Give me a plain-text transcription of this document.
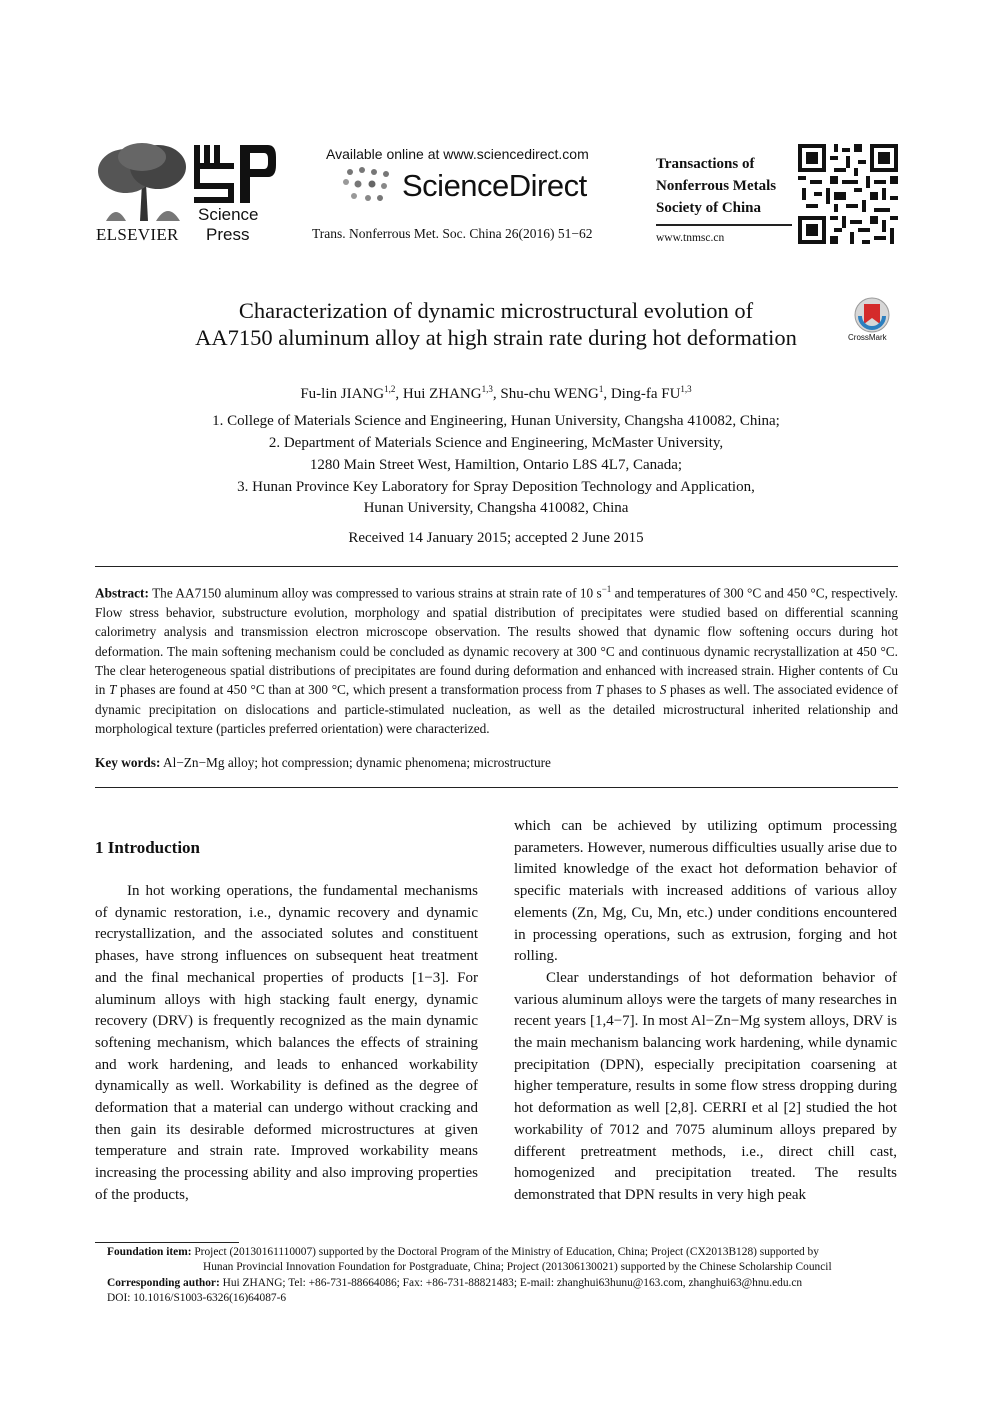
ELSEVIER
Science
Press
Available online at www.sciencedirect.com
ScienceDirect
Trans. Nonferrous Met. Soc. China 26(2016) 51−62
Transactions of
Nonferrous Metals
Society of China
www.tnmsc.cn
Characterization of dynamic microstructural evolution of
AA7150 aluminum alloy at high strain rate during hot deformation	CrossMark
Fu-lin JIANG$^{1,2}$, Hui ZHANG$^{1,3}$, Shu-chu WENG$^1$, Ding-fa FU$^{1,3}$
1. College of Materials Science and Engineering, Hunan University, Changsha 410082, China;
2. Department of Materials Science and Engineering, McMaster University,
1280 Main Street West, Hamiltion, Ontario L8S 4L7, Canada;
3. Hunan Province Key Laboratory for Spray Deposition Technology and Application,
Hunan University, Changsha 410082, China
Received 14 January 2015; accepted 2 June 2015
Abstract: The AA7150 aluminum alloy was compressed to various strains at strain rate of 10 $s^{-1}$ and temperatures of 300 °C and 450 °C, respectively. Flow stress behavior, substructure evolution, morphology and spatial distribution of precipitates were studied based on differential scanning calorimetry analysis and transmission electron microscope observation. The results showed that dynamic flow softening occurs during hot deformation. The main softening mechanism could be concluded as dynamic recovery at 300 °C and continuous dynamic recrystallization at 450 °C. The clear heterogeneous spatial distributions of precipitates are found during deformation and enhanced with increased strain. Higher contents of Cu in T phases are found at 450 °C than at 300 °C, which present a transformation process from T phases to S phases as well. The associated evidence of dynamic precipitation on dislocations and particle-stimulated nucleation, as well as the detailed microstructural inherited relationship and morphological texture (particles preferred orientation) were characterized.
Key words: Al−Zn−Mg alloy; hot compression; dynamic phenomena; microstructure
1 Introduction

In hot working operations, the fundamental mechanisms of dynamic restoration, i.e., dynamic recovery and dynamic recrystallization, and the associated solutes and constituent phases, have strong influences on subsequent heat treatment and the final mechanical properties of products [1−3]. For aluminum alloys with high stacking fault energy, dynamic recovery (DRV) is frequently recognized as the main dynamic softening mechanism, which balances the effects of straining and work hardening, and leads to enhanced workability dynamically as well. Workability is defined as the degree of deformation that a material can undergo without cracking and then gain its desirable deformed microstructures at given temperature and strain rate. Improved workability means increasing the processing ability and also improving properties of the products,

which can be achieved by utilizing optimum processing parameters. However, numerous difficulties usually arise due to limited knowledge of the exact hot deformation behavior of specific materials with increased additions of various alloy elements (Zn, Mg, Cu, Mn, etc.) under conditions encountered in processing operations, such as extrusion, forging and hot rolling.

Clear understandings of hot deformation behavior of various aluminum alloys were the targets of many researches in recent years [1,4−7]. In most Al−Zn−Mg system alloys, DRV is the main mechanism balancing work hardening, while dynamic precipitation (DPN), especially precipitation coarsening at higher temperature, results in some flow stress dropping during hot deformation as well [2,8]. CERRI et al [2] studied the hot workability of 7012 and 7075 aluminum alloys prepared by different pretreatment methods, i.e., direct chill cast, homogenized and precipitation treated. The results demonstrated that DPN results in very high peak

Foundation item: Project (20130161110007) supported by the Doctoral Program of the Ministry of Education, China; Project (CX2013B128) supported by
Hunan Provincial Innovation Foundation for Postgraduate, China; Project (201306130021) supported by the Chinese Scholarship Council
Corresponding author: Hui ZHANG; Tel: +86-731-88664086; Fax: +86-731-88821483; E-mail: zhanghui63hunu@163.com, zhanghui63@hnu.edu.cn
DOI: 10.1016/S1003-6326(16)64087-6
